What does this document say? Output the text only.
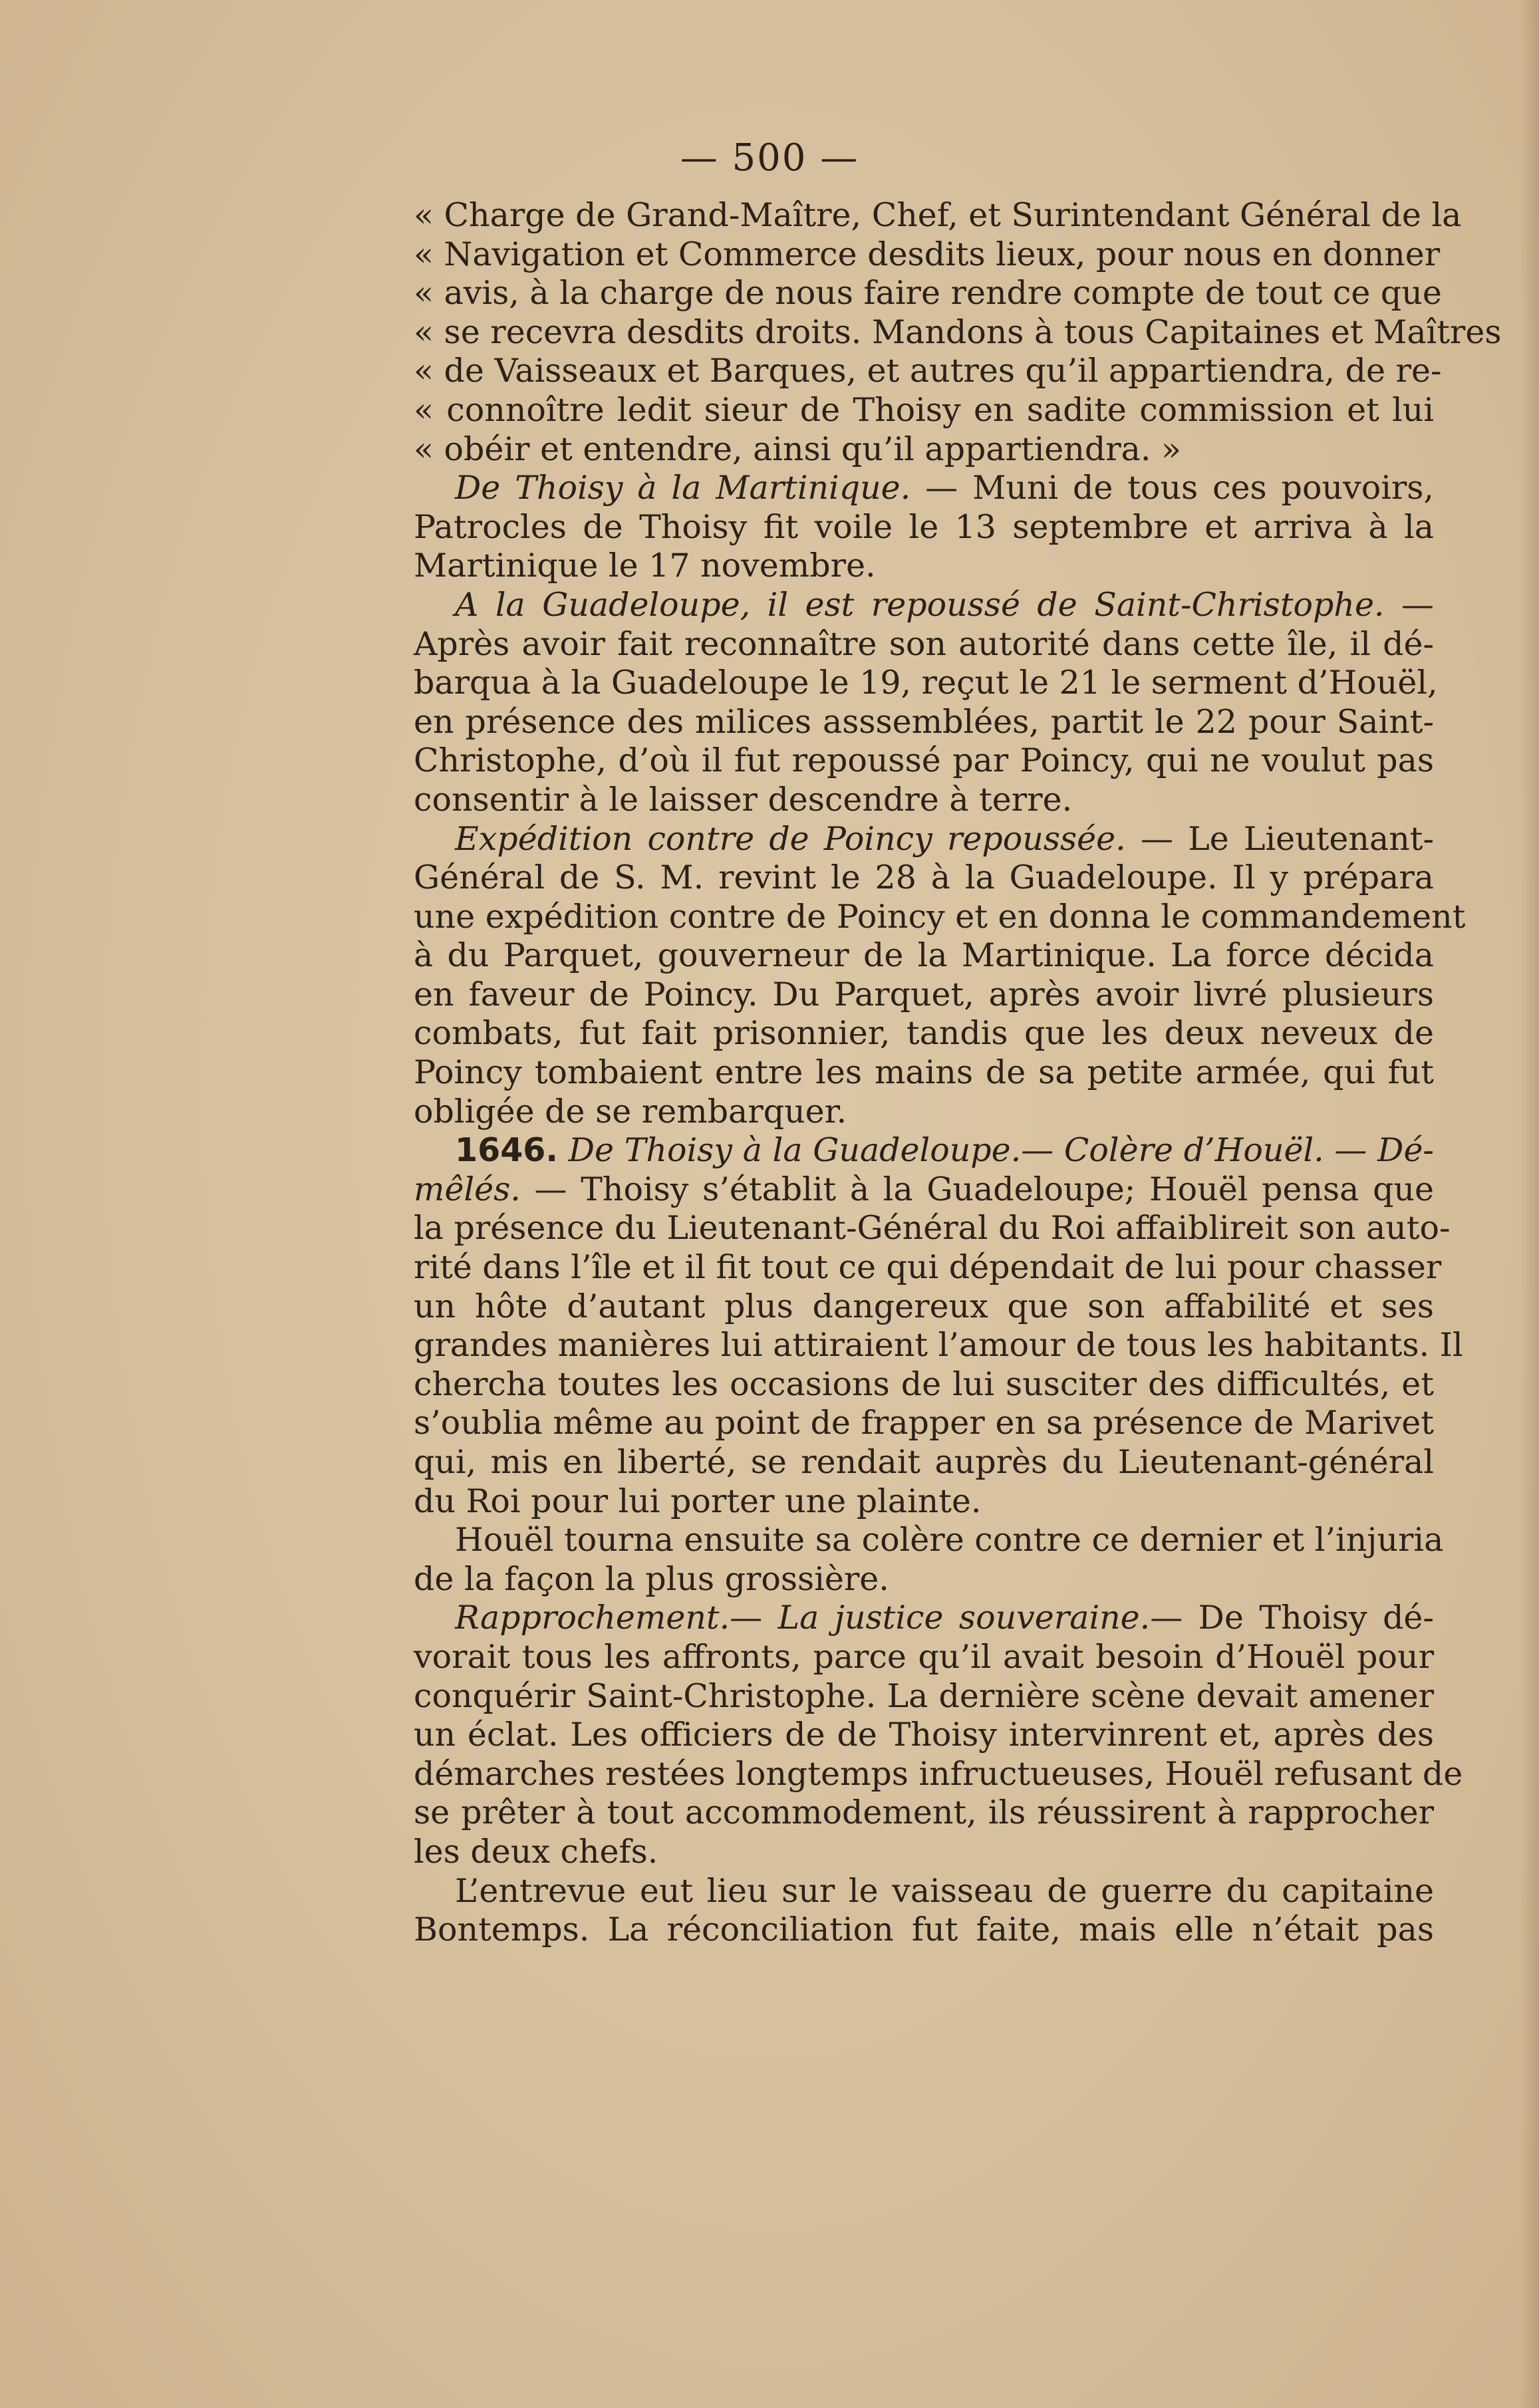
— 500 —
« Charge de Grand-Maître, Chef, et Surintendant Général de la
« Navigation et Commerce desdits lieux, pour nous en donner
« avis, à la charge de nous faire rendre compte de tout ce que
« se recevra desdits droits. Mandons à tous Capitaines et Maîtres
« de Vaisseaux et Barques, et autres qu’il appartiendra, de re-
« connoître ledit sieur de Thoisy en sadite commission et lui
« obéir et entendre, ainsi qu’il appartiendra. »
De Thoisy à la Martinique. — Muni de tous ces pouvoirs,
Patrocles de Thoisy fit voile le 13 septembre et arriva à la
Martinique le 17 novembre.
A la Guadeloupe, il est repoussé de Saint-Christophe. —
Après avoir fait reconnaître son autorité dans cette île, il dé-
barqua à la Guadeloupe le 19, reçut le 21 le serment d’Houël,
en présence des milices asssemblées, partit le 22 pour Saint-
Christophe, d’où il fut repoussé par Poincy, qui ne voulut pas
consentir à le laisser descendre à terre.
Expédition contre de Poincy repoussée. — Le Lieutenant-
Général de S. M. revint le 28 à la Guadeloupe. Il y prépara
une expédition contre de Poincy et en donna le commandement
à du Parquet, gouverneur de la Martinique. La force décida
en faveur de Poincy. Du Parquet, après avoir livré plusieurs
combats, fut fait prisonnier, tandis que les deux neveux de
Poincy tombaient entre les mains de sa petite armée, qui fut
obligée de se rembarquer.
1646. De Thoisy à la Guadeloupe.— Colère d’Houël. — Dé-
mêlés. — Thoisy s’établit à la Guadeloupe; Houël pensa que
la présence du Lieutenant-Général du Roi affaiblireit son auto-
rité dans l’île et il fit tout ce qui dépendait de lui pour chasser
un hôte d’autant plus dangereux que son affabilité et ses
grandes manières lui attiraient l’amour de tous les habitants. Il
chercha toutes les occasions de lui susciter des difficultés, et
s’oublia même au point de frapper en sa présence de Marivet
qui, mis en liberté, se rendait auprès du Lieutenant-général
du Roi pour lui porter une plainte.
Houël tourna ensuite sa colère contre ce dernier et l’injuria
de la façon la plus grossière.
Rapprochement.— La justice souveraine.— De Thoisy dé-
vorait tous les affronts, parce qu’il avait besoin d’Houël pour
conquérir Saint-Christophe. La dernière scène devait amener
un éclat. Les officiers de de Thoisy intervinrent et, après des
démarches restées longtemps infructueuses, Houël refusant de
se prêter à tout accommodement, ils réussirent à rapprocher
les deux chefs.
L’entrevue eut lieu sur le vaisseau de guerre du capitaine
Bontemps. La réconciliation fut faite, mais elle n’était pas
